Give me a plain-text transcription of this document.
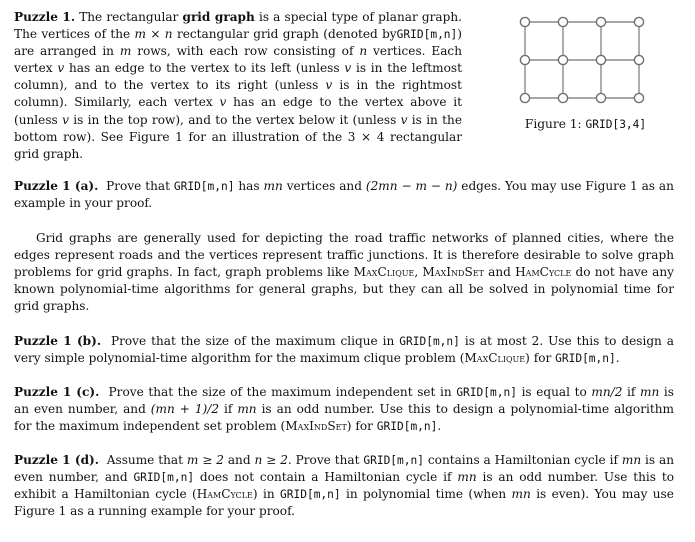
Puzzle 1. The rectangular grid graph is a special type of planar graph. The vertices of the m × n rectangular grid graph (denoted byGRID[m,n]) are arranged in m rows, with each row consisting of n vertices. Each vertex v has an edge to the vertex to its left (unless v is in the leftmost column), and to the vertex to its right (unless v is in the rightmost column). Similarly, each vertex v has an edge to the vertex above it (unless v is in the top row), and to the vertex below it (unless v is in the bottom row). See Figure 1 for an illustration of the 3 × 4 rectangular grid graph.
Figure 1: GRID[3,4]

Puzzle 1 (a). Prove that GRID[m,n] has mn vertices and (2mn − m − n) edges. You may use Figure 1 as an example in your proof.

Grid graphs are generally used for depicting the road traffic networks of planned cities, where the edges represent roads and the vertices represent traffic junctions. It is therefore desirable to solve graph problems for grid graphs. In fact, graph problems like MaxClique, MaxIndSet and HamCycle do not have any known polynomial-time algorithms for general graphs, but they can all be solved in polynomial time for grid graphs.

Puzzle 1 (b). Prove that the size of the maximum clique in GRID[m,n] is at most 2. Use this to design a very simple polynomial-time algorithm for the maximum clique problem (MaxClique) for GRID[m,n].

Puzzle 1 (c). Prove that the size of the maximum independent set in GRID[m,n] is equal to mn/2 if mn is an even number, and (mn + 1)/2 if mn is an odd number. Use this to design a polynomial-time algorithm for the maximum independent set problem (MaxIndSet) for GRID[m,n].

Puzzle 1 (d). Assume that m ≥ 2 and n ≥ 2. Prove that GRID[m,n] contains a Hamiltonian cycle if mn is an even number, and GRID[m,n] does not contain a Hamiltonian cycle if mn is an odd number. Use this to exhibit a Hamiltonian cycle (HamCycle) in GRID[m,n] in polynomial time (when mn is even). You may use Figure 1 as a running example for your proof.
